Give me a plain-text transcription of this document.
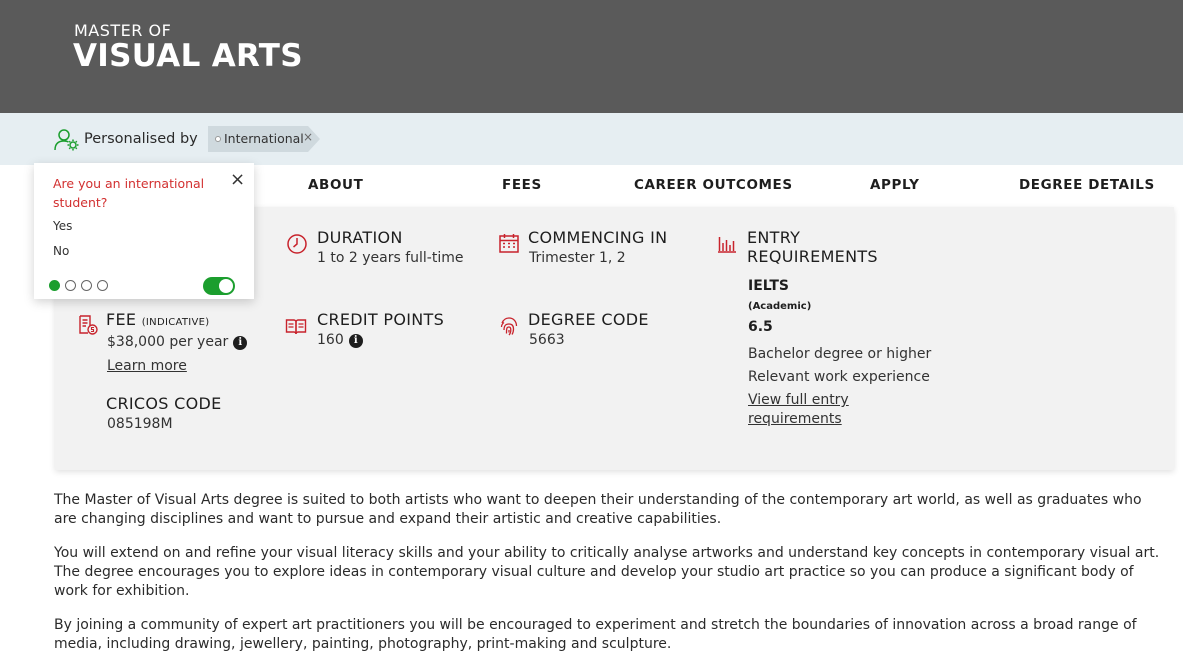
MASTER OF
VISUAL ARTS
Personalised by International ×
ABOUT	FEES	CAREER OUTCOMES	APPLY	DEGREE DETAILS
DURATION
1 to 2 years full-time
COMMENCING IN
Trimester 1, 2
ENTRY
REQUIREMENTS
IELTS
(Academic)
6.5
Bachelor degree or higher
Relevant work experience
View full entry
requirements
FEE (INDICATIVE)
$38,000 per year i
Learn more
CREDIT POINTS
160 i
DEGREE CODE
5663
CRICOS CODE
085198M
Are you an international student?
×
Yes
No
The Master of Visual Arts degree is suited to both artists who want to deepen their understanding of the contemporary art world, as well as graduates who are changing disciplines and want to pursue and expand their artistic and creative capabilities.
You will extend on and refine your visual literacy skills and your ability to critically analyse artworks and understand key concepts in contemporary visual art. The degree encourages you to explore ideas in contemporary visual culture and develop your studio art practice so you can produce a significant body of work for exhibition.
By joining a community of expert art practitioners you will be encouraged to experiment and stretch the boundaries of innovation across a broad range of media, including drawing, jewellery, painting, photography, print-making and sculpture.
